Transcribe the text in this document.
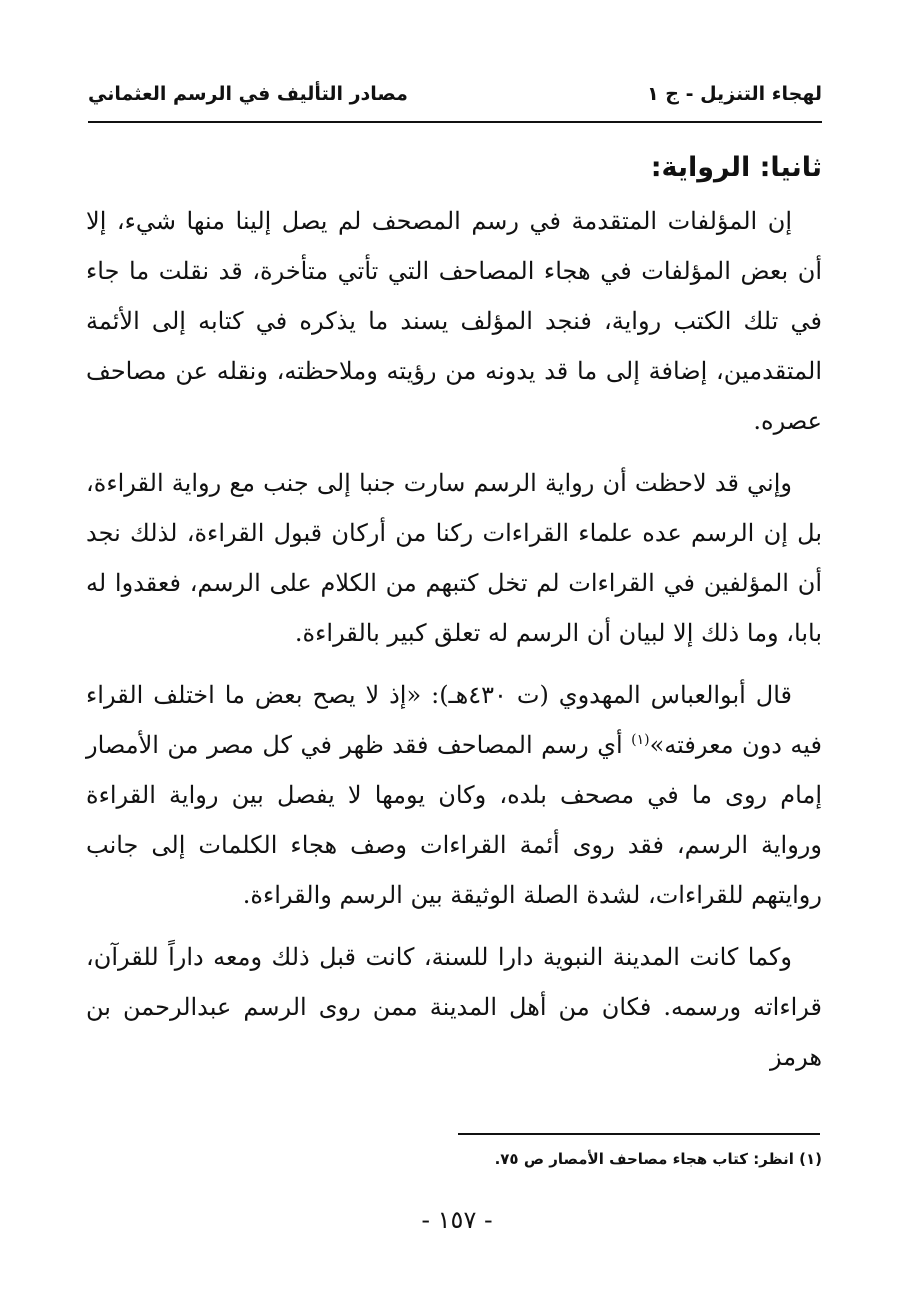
لهجاء التنزيل - ج ١
مصادر التأليف في الرسم العثماني
ثانيا: الرواية:

إن المؤلفات المتقدمة في رسم المصحف لم يصل إلينا منها شيء، إلا أن بعض المؤلفات في هجاء المصاحف التي تأتي متأخرة، قد نقلت ما جاء في تلك الكتب رواية، فنجد المؤلف يسند ما يذكره في كتابه إلى الأئمة المتقدمين، إضافة إلى ما قد يدونه من رؤيته وملاحظته، ونقله عن مصاحف عصره.

وإني قد لاحظت أن رواية الرسم سارت جنبا إلى جنب مع رواية القراءة، بل إن الرسم عده علماء القراءات ركنا من أركان قبول القراءة، لذلك نجد أن المؤلفين في القراءات لم تخل كتبهم من الكلام على الرسم، فعقدوا له بابا، وما ذلك إلا لبيان أن الرسم له تعلق كبير بالقراءة.

قال أبوالعباس المهدوي (ت ٤٣٠هـ): «إذ لا يصح بعض ما اختلف القراء فيه دون معرفته»$^{(١)}$ أي رسم المصاحف فقد ظهر في كل مصر من الأمصار إمام روى ما في مصحف بلده، وكان يومها لا يفصل بين رواية القراءة ورواية الرسم، فقد روى أئمة القراءات وصف هجاء الكلمات إلى جانب روايتهم للقراءات، لشدة الصلة الوثيقة بين الرسم والقراءة.

وكما كانت المدينة النبوية دارا للسنة، كانت قبل ذلك ومعه داراً للقرآن، قراءاته ورسمه. فكان من أهل المدينة ممن روى الرسم عبدالرحمن بن هرمز

(١) انظر: كتاب هجاء مصاحف الأمصار ص ٧٥.
- ١٥٧ -
